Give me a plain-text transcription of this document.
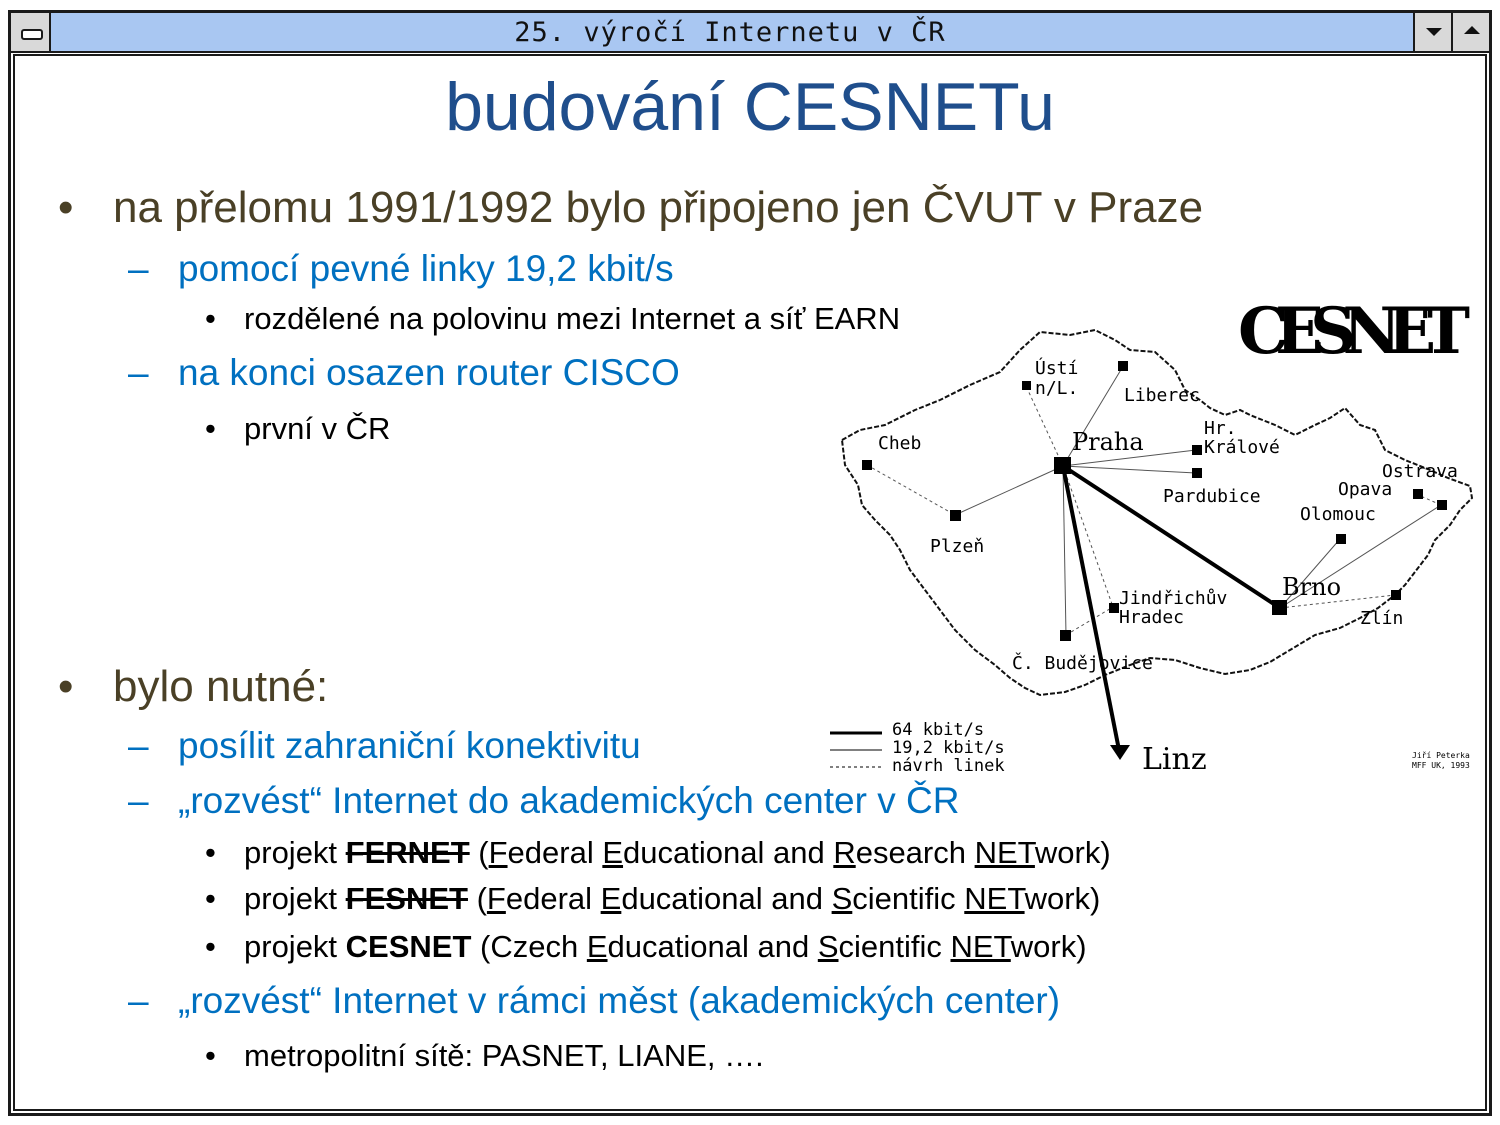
25. výročí Internetu v ČR
budování CESNETu
• na přelomu 1991/1992 bylo připojeno jen ČVUT v Praze
– pomocí pevné linky 19,2 kbit/s
• rozdělené na polovinu mezi Internet a síť EARN
– na konci osazen router CISCO
• první v ČR
• bylo nutné:
– posílit zahraniční konektivitu
– „rozvést“ Internet do akademických center v ČR
• projekt FERNET (Federal Educational and Research NETwork)
• projekt FESNET (Federal Educational and Scientific NETwork)
• projekt CESNET (Czech Educational and Scientific NETwork)
– „rozvést“ Internet v rámci měst (akademických center)
• metropolitní sítě: PASNET, LIANE, ….
CESNET
Ústí
n/L.	Liberec
Hr.
Králové
Cheb	Praha
Pardubice
Ostrava
Opava
Olomouc
Plzeň
Brno
Jindřichův
Hradec	Zlín
Č. Budějovice
Linz
64 kbit/s
19,2 kbit/s
návrh linek
Jiří Peterka
MFF UK, 1993
